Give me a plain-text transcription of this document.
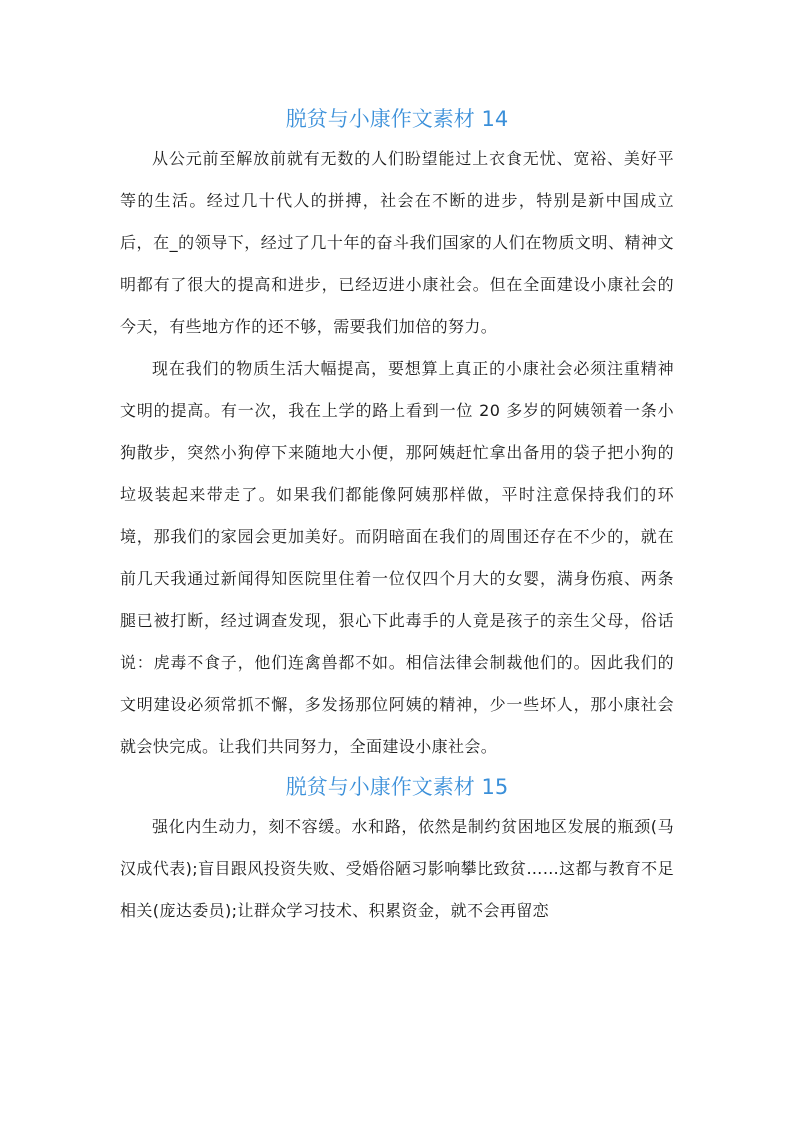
脱贫与小康作文素材 14

从公元前至解放前就有无数的人们盼望能过上衣食无忧、宽裕、美好平等的生活。经过几十代人的拼搏，社会在不断的进步，特别是新中国成立后，在_的领导下，经过了几十年的奋斗我们国家的人们在物质文明、精神文明都有了很大的提高和进步，已经迈进小康社会。但在全面建设小康社会的今天，有些地方作的还不够，需要我们加倍的努力。

现在我们的物质生活大幅提高，要想算上真正的小康社会必须注重精神文明的提高。有一次，我在上学的路上看到一位 20 多岁的阿姨领着一条小狗散步，突然小狗停下来随地大小便，那阿姨赶忙拿出备用的袋子把小狗的垃圾装起来带走了。如果我们都能像阿姨那样做，平时注意保持我们的环境，那我们的家园会更加美好。而阴暗面在我们的周围还存在不少的，就在前几天我通过新闻得知医院里住着一位仅四个月大的女婴，满身伤痕、两条腿已被打断，经过调查发现，狠心下此毒手的人竟是孩子的亲生父母，俗话说：虎毒不食子，他们连禽兽都不如。相信法律会制裁他们的。因此我们的文明建设必须常抓不懈，多发扬那位阿姨的精神，少一些坏人，那小康社会就会快完成。让我们共同努力，全面建设小康社会。

脱贫与小康作文素材 15

强化内生动力，刻不容缓。水和路，依然是制约贫困地区发展的瓶颈(马汉成代表);盲目跟风投资失败、受婚俗陋习影响攀比致贫……这都与教育不足相关(庞达委员);让群众学习技术、积累资金，就不会再留恋
